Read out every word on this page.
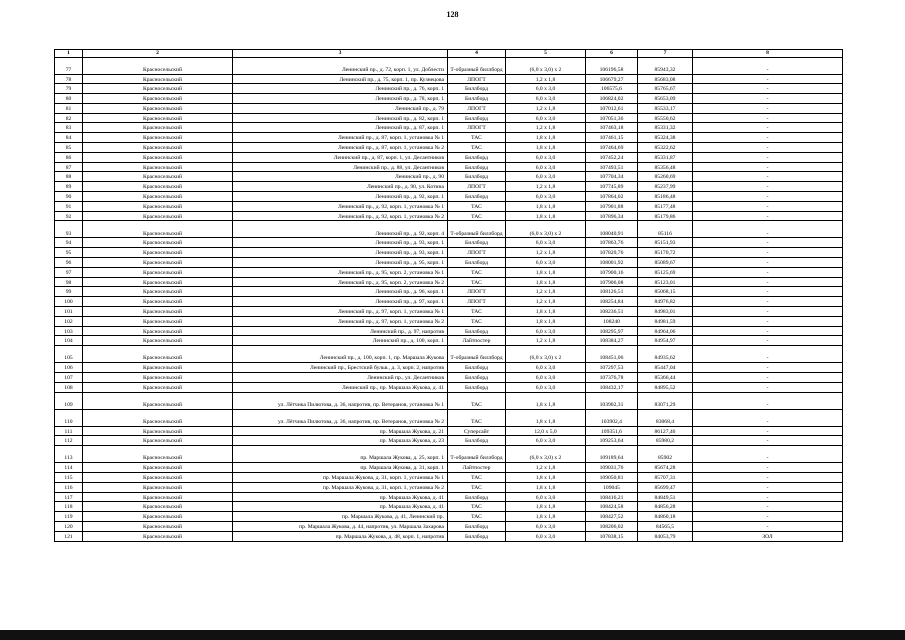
128
1	2	3	4	5	6	7	8
77	Красносельский	Ленинский пр., д. 72, корп. 1, ул. Доблести	Т-образный биллборд	(6,0 х 3,0) х 2	106196,58	85943,32	-
78	Красносельский	Ленинский пр., д. 75, корп. 1, пр. Кузнецова	ЛПОГТ	1,2 х 1,8	106679,27	85683,08	-
79	Красносельский	Ленинский пр., д. 76, корп. 1	Биллборд	6,0 х 3,0	106575,6	85765,67	-
80	Красносельский	Ленинский пр., д. 78, корп. 1	Биллборд	6,0 х 3,0	106824,02	85653,09	-
81	Красносельский	Ленинский пр., д. 79	ЛПОГТ	1,2 х 1,8	107012,61	85533,17	-
82	Красносельский	Ленинский пр., д. 82, корп. 1	Биллборд	6,0 х 3,0	107051,36	85550,62	-
83	Красносельский	Ленинский пр., д. 87, корп. 1	ЛПОГТ	1,2 х 1,8	107463,18	85331,32	-
84	Красносельский	Ленинский пр., д. 87, корп. 1, установка № 1	ТАС	1,8 х 1,8	107461,15	85324,38	-
85	Красносельский	Ленинский пр., д. 87, корп. 1, установка № 2	ТАС	1,8 х 1,8	107464,69	85322,62	-
86	Красносельский	Ленинский пр., д. 87, корп. 1, ул. Десантников	Биллборд	6,0 х 3,0	107452,24	85331,87	-
87	Красносельский	Ленинский пр., д. 88, ул. Десантников	Биллборд	6,0 х 3,0	107493,51	85356,48	-
88	Красносельский	Ленинский пр., д. 90	Биллборд	6,0 х 3,0	107704,34	85260,69	-
89	Красносельский	Ленинский пр., д. 90, ул. Котина	ЛПОГТ	1,2 х 1,8	107745,89	85237,99	-
90	Красносельский	Ленинский пр., д. 92, корп. 1	Биллборд	6,0 х 3,0	107864,02	85186,48	-
91	Красносельский	Ленинский пр., д. 92, корп. 1, установка № 1	ТАС	1,8 х 1,8	107901,88	85177,48	-
92	Красносельский	Ленинский пр., д. 92, корп. 1, установка № 2	ТАС	1,8 х 1,8	107896,34	85179,86	-
93	Красносельский	Ленинский пр., д. 92, корп. 4	Т-образный биллборд	(6,0 х 3,0) х 2	108040,91	85116	-
94	Красносельский	Ленинский пр., д. 93, корп. 1	Биллборд	6,0 х 3,0	107863,76	85151,93	-
95	Красносельский	Ленинский пр., д. 93, корп. 1	ЛПОГТ	1,2 х 1,8	107820,76	85170,72	-
96	Красносельский	Ленинский пр., д. 95, корп. 1	Биллборд	6,0 х 3,0	108001,92	85089,67	-
97	Красносельский	Ленинский пр., д. 95, корп. 2, установка № 1	ТАС	1,8 х 1,8	107900,16	85125,69	-
98	Красносельский	Ленинский пр., д. 95, корп. 2, установка № 2	ТАС	1,8 х 1,8	107906,08	85123,01	-
99	Красносельский	Ленинский пр., д. 96, корп. 1	ЛПОГТ	1,2 х 1,8	108126,51	85068,15	-
100	Красносельский	Ленинский пр., д. 97, корп. 1	ЛПОГТ	1,2 х 1,8	108254,84	84976,82	-
101	Красносельский	Ленинский пр., д. 97, корп. 1, установка № 1	ТАС	1,8 х 1,8	108236,51	84983,01	-
102	Красносельский	Ленинский пр., д. 97, корп. 1, установка № 2	ТАС	1,8 х 1,8	108240	84981,59	-
103	Красносельский	Ленинский пр., д. 97, напротив	Биллборд	6,0 х 3,0	108295,97	84964,06	-
104	Красносельский	Ленинский пр., д. 100, корп. 1	Лайтпостер	1,2 х 1,8	108384,27	84954,97	-
105	Красносельский	Ленинский пр., д. 100, корп. 1, пр. Маршала Жукова	Т-образный биллборд	(6,0 х 3,0) х 2	108451,06	84935,62	-
106	Красносельский	Ленинский пр., Брестский бульв., д. 3, корп. 2, напротив	Биллборд	6,0 х 3,0	107297,53	85447,04	-
107	Красносельский	Ленинский пр., ул. Десантников	Биллборд	6,0 х 3,0	107376,78	85366,44	-
108	Красносельский	Ленинский пр., пр. Маршала Жукова, д. 41	Биллборд	6,0 х 3,0	108432,17	84895,52	-
109	Красносельский	ул. Лётчика Пилютова, д. 36, напротив, пр. Ветеранов, установка № 1	ТАС	1,8 х 1,8	103902,31	83071,29	-
110	Красносельский	ул. Лётчика Пилютова, д. 36, напротив, пр. Ветеранов, установка № 2	ТАС	1,8 х 1,8	103902,4	83068,4	-
111	Красносельский	пр. Маршала Жукова, д. 21	Суперсайт	12,0 х 5,0	109351,6	86127,46	-
112	Красносельский	пр. Маршала Жукова, д. 23	Биллборд	6,0 х 3,0	109253,64	85980,2	-
113	Красносельский	пр. Маршала Жукова, д. 25, корп. 1	Т-образный биллборд	(6,0 х 3,0) х 2	109189,64	85902	-
114	Красносельский	пр. Маршала Жукова, д. 31, корп. 1	Лайтпостер	1,2 х 1,8	109031,76	85674,28	-
115	Красносельский	пр. Маршала Жукова, д. 31, корп. 1, установка № 1	ТАС	1,8 х 1,8	109050,81	85707,31	-
116	Красносельский	пр. Маршала Жукова, д. 31, корп. 1, установка № 2	ТАС	1,8 х 1,8	109045	85699,47	-
117	Красносельский	пр. Маршала Жукова, д. 41	Биллборд	6,0 х 3,0	108416,21	84849,51	-
118	Красносельский	пр. Маршала Жукова, д. 41	ТАС	1,8 х 1,8	108424,58	84856,28	-
119	Красносельский	пр. Маршала Жукова, д. 41, Ленинский пр.	ТАС	1,8 х 1,8	108427,52	84860,18	-
120	Красносельский	пр. Маршала Жукова, д. 44, напротив, ул. Маршала Захарова	Биллборд	6,0 х 3,0	108206,02	84565,5	-
121	Красносельский	пр. Маршала Жукова, д. 48, корп. 1, напротив	Биллборд	6,0 х 3,0	107838,15	84053,79	ЗОЛ
